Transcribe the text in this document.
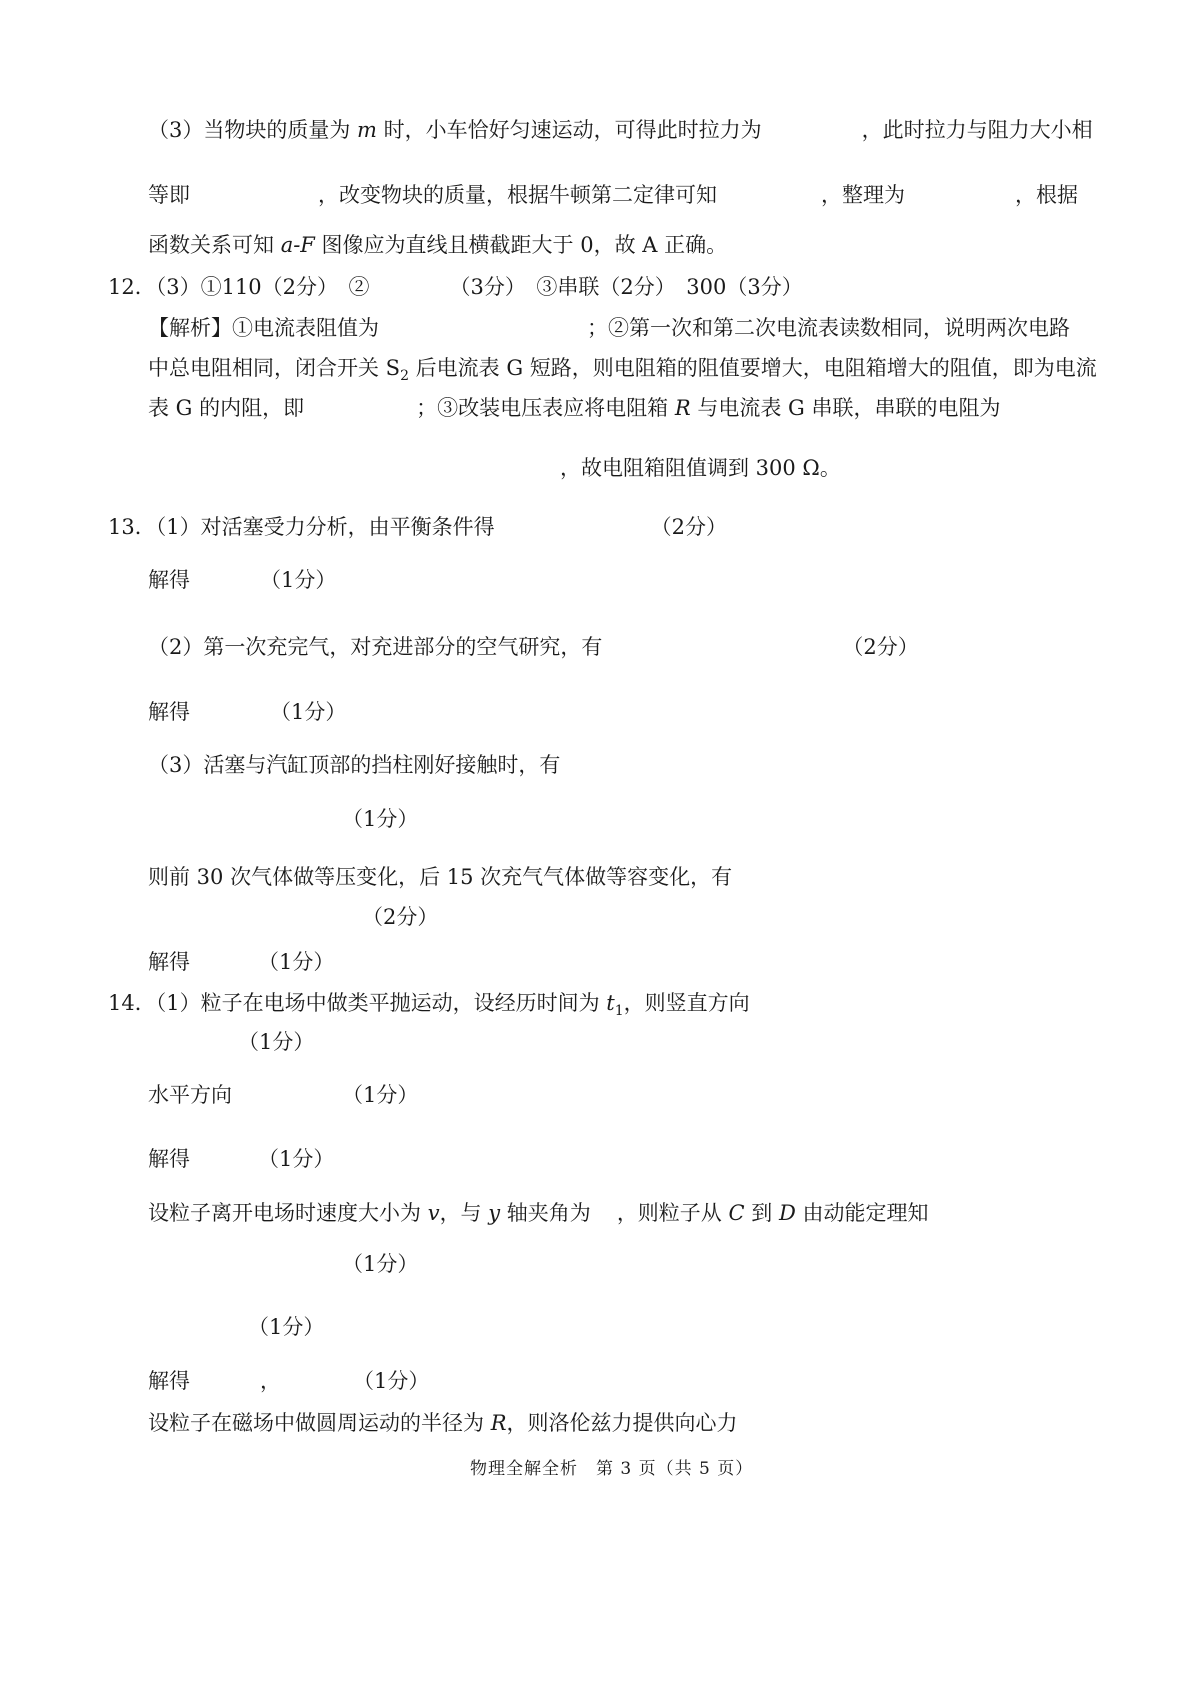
（3）当物块的质量为 m 时，小车恰好匀速运动，可得此时拉力为	，此时拉力与阻力大小相
等即	，改变物块的质量，根据牛顿第二定律可知	，整理为	，根据
函数关系可知 a-F 图像应为直线且横截距大于 0，故 A 正确。
12．（3）①110（2分）　②	（3分）　③串联（2分）　300（3分）
【解析】①电流表阻值为	；②第一次和第二次电流表读数相同，说明两次电路
中总电阻相同，闭合开关 $S_2$ 后电流表 G 短路，则电阻箱的阻值要增大，电阻箱增大的阻值，即为电流
表 G 的内阻，即	；③改装电压表应将电阻箱 R 与电流表 G 串联，串联的电阻为
，故电阻箱阻值调到 300 Ω。
13．（1）对活塞受力分析，由平衡条件得	（2分）
解得	（1分）
（2）第一次充完气，对充进部分的空气研究，有	（2分）
解得	（1分）
（3）活塞与汽缸顶部的挡柱刚好接触时，有
（1分）
则前 30 次气体做等压变化，后 15 次充气气体做等容变化，有
（2分）
解得	（1分）
14．（1）粒子在电场中做类平抛运动，设经历时间为 $t_1$，则竖直方向
（1分）
水平方向	（1分）
解得	（1分）
设粒子离开电场时速度大小为 v，与 y 轴夹角为 ，则粒子从 C 到 D 由动能定理知
（1分）
（1分）
解得	，	（1分）
设粒子在磁场中做圆周运动的半径为 R，则洛伦兹力提供向心力
物理全解全析　第 3 页（共 5 页）
